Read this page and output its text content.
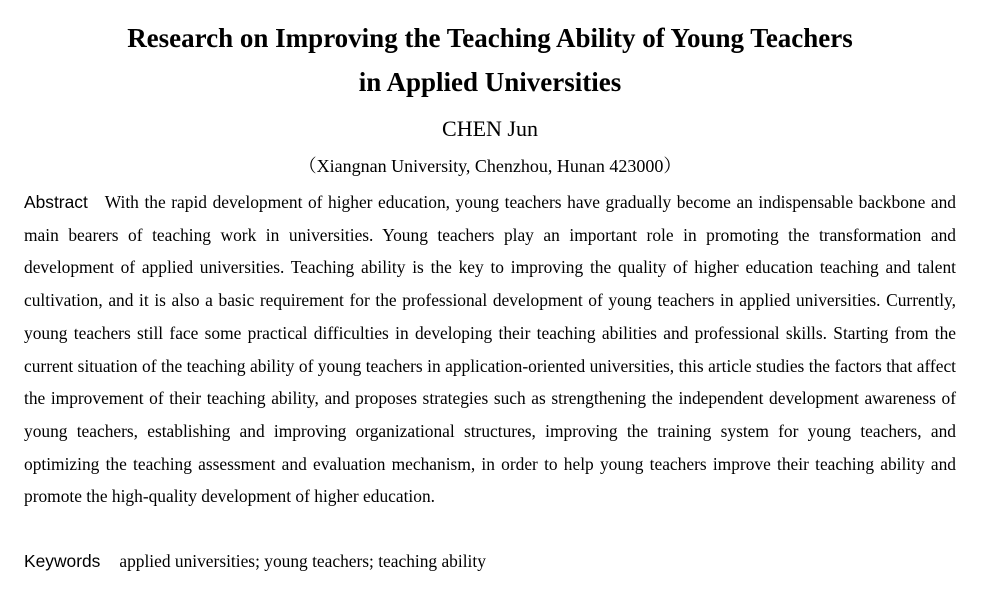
Research on Improving the Teaching Ability of Young Teachers
in Applied Universities
CHEN Jun
（Xiangnan University, Chenzhou, Hunan 423000）

Abstract With the rapid development of higher education, young teachers have gradually become an indispensable backbone and main bearers of teaching work in universities. Young teachers play an important role in promoting the transformation and development of applied universities. Teaching ability is the key to improving the quality of higher education teaching and talent cultivation, and it is also a basic requirement for the professional development of young teachers in applied universities. Currently, young teachers still face some practical difficulties in developing their teaching abilities and professional skills. Starting from the current situation of the teaching ability of young teachers in application-oriented universities, this article studies the factors that affect the improvement of their teaching ability, and proposes strategies such as strengthening the independent development awareness of young teachers, establishing and improving organizational structures, improving the training system for young teachers, and optimizing the teaching assessment and evaluation mechanism, in order to help young teachers improve their teaching ability and promote the high-quality development of higher education.

Keywords applied universities; young teachers; teaching ability
